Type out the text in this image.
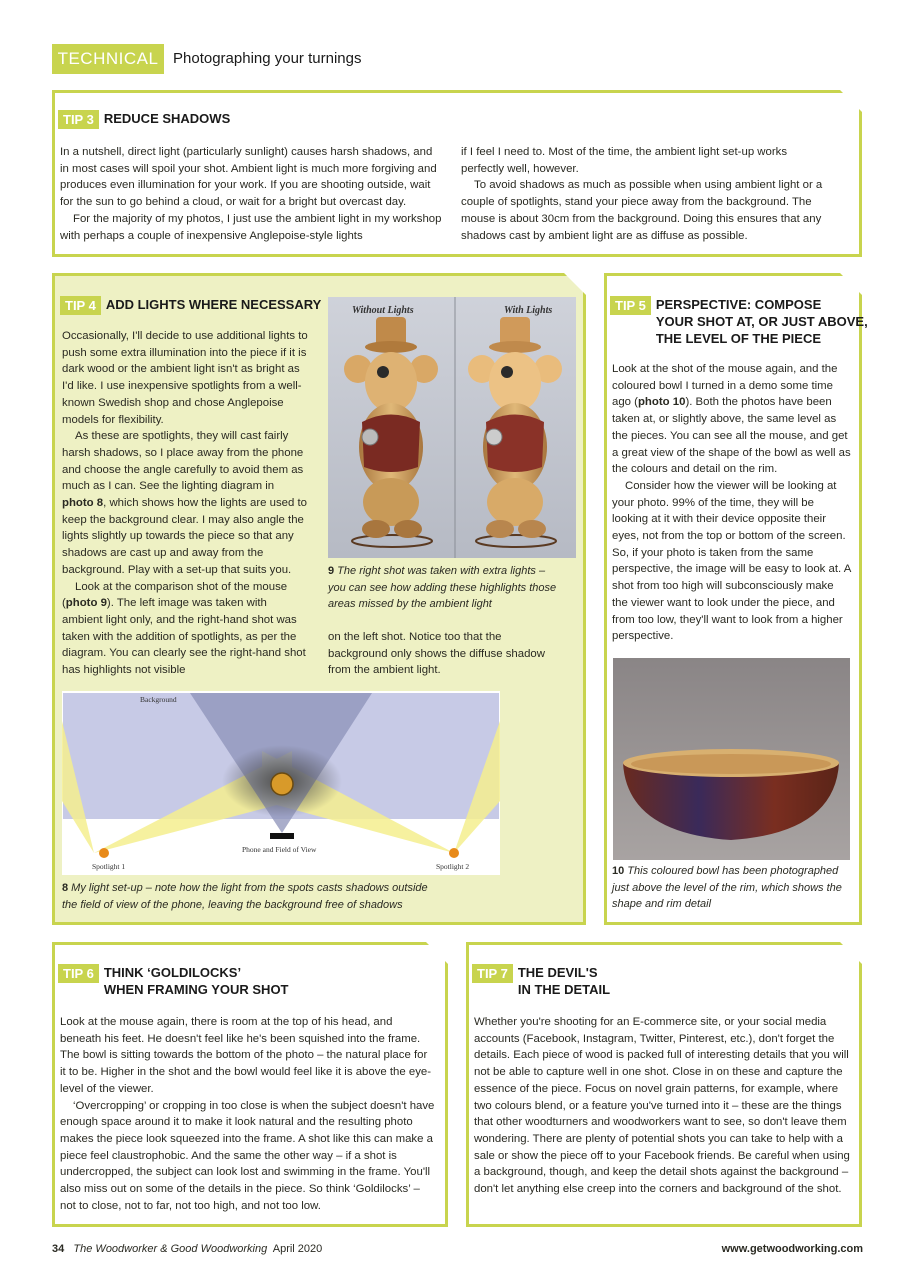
TECHNICAL Photographing your turnings
TIP 3 REDUCE SHADOWS

In a nutshell, direct light (particularly sunlight) causes harsh shadows, and in most cases will spoil your shot. Ambient light is much more forgiving and produces even illumination for your work. If you are shooting outside, wait for the sun to go behind a cloud, or wait for a bright but overcast day.

For the majority of my photos, I just use the ambient light in my workshop with perhaps a couple of inexpensive Anglepoise-style lights

if I feel I need to. Most of the time, the ambient light set-up works perfectly well, however.

To avoid shadows as much as possible when using ambient light or a couple of spotlights, stand your piece away from the background. The mouse is about 30cm from the background. Doing this ensures that any shadows cast by ambient light are as diffuse as possible.

TIP 4 ADD LIGHTS WHERE NECESSARY

Occasionally, I'll decide to use additional lights to push some extra illumination into the piece if it is dark wood or the ambient light isn't as bright as I'd like. I use inexpensive spotlights from a well-known Swedish shop and chose Anglepoise models for flexibility.

As these are spotlights, they will cast fairly harsh shadows, so I place away from the phone and choose the angle carefully to avoid them as much as I can. See the lighting diagram in photo 8, which shows how the lights are used to keep the background clear. I may also angle the lights slightly up towards the piece so that any shadows are cast up and away from the background. Play with a set-up that suits you.

Look at the comparison shot of the mouse (photo 9). The left image was taken with ambient light only, and the right-hand shot was taken with the addition of spotlights, as per the diagram. You can clearly see the right-hand shot has highlights not visible

Without Lights	With Lights
9 The right shot was taken with extra lights – you can see how adding these highlights those areas missed by the ambient light

on the left shot. Notice too that the background only shows the diffuse shadow from the ambient light.

Background
Phone and Field of View
Spotlight 1	Spotlight 2
8 My light set-up – note how the light from the spots casts shadows outside the field of view of the phone, leaving the background free of shadows
TIP 5 PERSPECTIVE: COMPOSE
YOUR SHOT AT, OR JUST ABOVE,
THE LEVEL OF THE PIECE

Look at the shot of the mouse again, and the coloured bowl I turned in a demo some time ago (photo 10). Both the photos have been taken at, or slightly above, the same level as the pieces. You can see all the mouse, and get a great view of the shape of the bowl as well as the colours and detail on the rim.

Consider how the viewer will be looking at your photo. 99% of the time, they will be looking at it with their device opposite their eyes, not from the top or bottom of the screen. So, if your photo is taken from the same perspective, the image will be easy to look at. A shot from too high will subconsciously make the viewer want to look under the piece, and from too low, they'll want to look from a higher perspective.

10 This coloured bowl has been photographed just above the level of the rim, which shows the shape and rim detail
TIP 6 THINK ‘GOLDILOCKS’
WHEN FRAMING YOUR SHOT

Look at the mouse again, there is room at the top of his head, and beneath his feet. He doesn't feel like he's been squished into the frame. The bowl is sitting towards the bottom of the photo – the natural place for it to be. Higher in the shot and the bowl would feel like it is above the eye-level of the viewer.

‘Overcropping’ or cropping in too close is when the subject doesn't have enough space around it to make it look natural and the resulting photo makes the piece look squeezed into the frame. A shot like this can make a piece feel claustrophobic. And the same the other way – if a shot is undercropped, the subject can look lost and swimming in the frame. You'll also miss out on some of the details in the piece. So think ‘Goldilocks’ – not to close, not to far, not too high, and not too low.

TIP 7 THE DEVIL'S
IN THE DETAIL

Whether you're shooting for an E-commerce site, or your social media accounts (Facebook, Instagram, Twitter, Pinterest, etc.), don't forget the details. Each piece of wood is packed full of interesting details that you will not be able to capture well in one shot. Close in on these and capture the essence of the piece. Focus on novel grain patterns, for example, where two colours blend, or a feature you've turned into it – these are the things that other woodturners and woodworkers want to see, so don't leave them wondering. There are plenty of potential shots you can take to help with a sale or show the piece off to your Facebook friends. Be careful when using a background, though, and keep the detail shots against the background – don't let anything else creep into the corners and background of the shot.

34 The Woodworker & Good Woodworking April 2020	www.getwoodworking.com
